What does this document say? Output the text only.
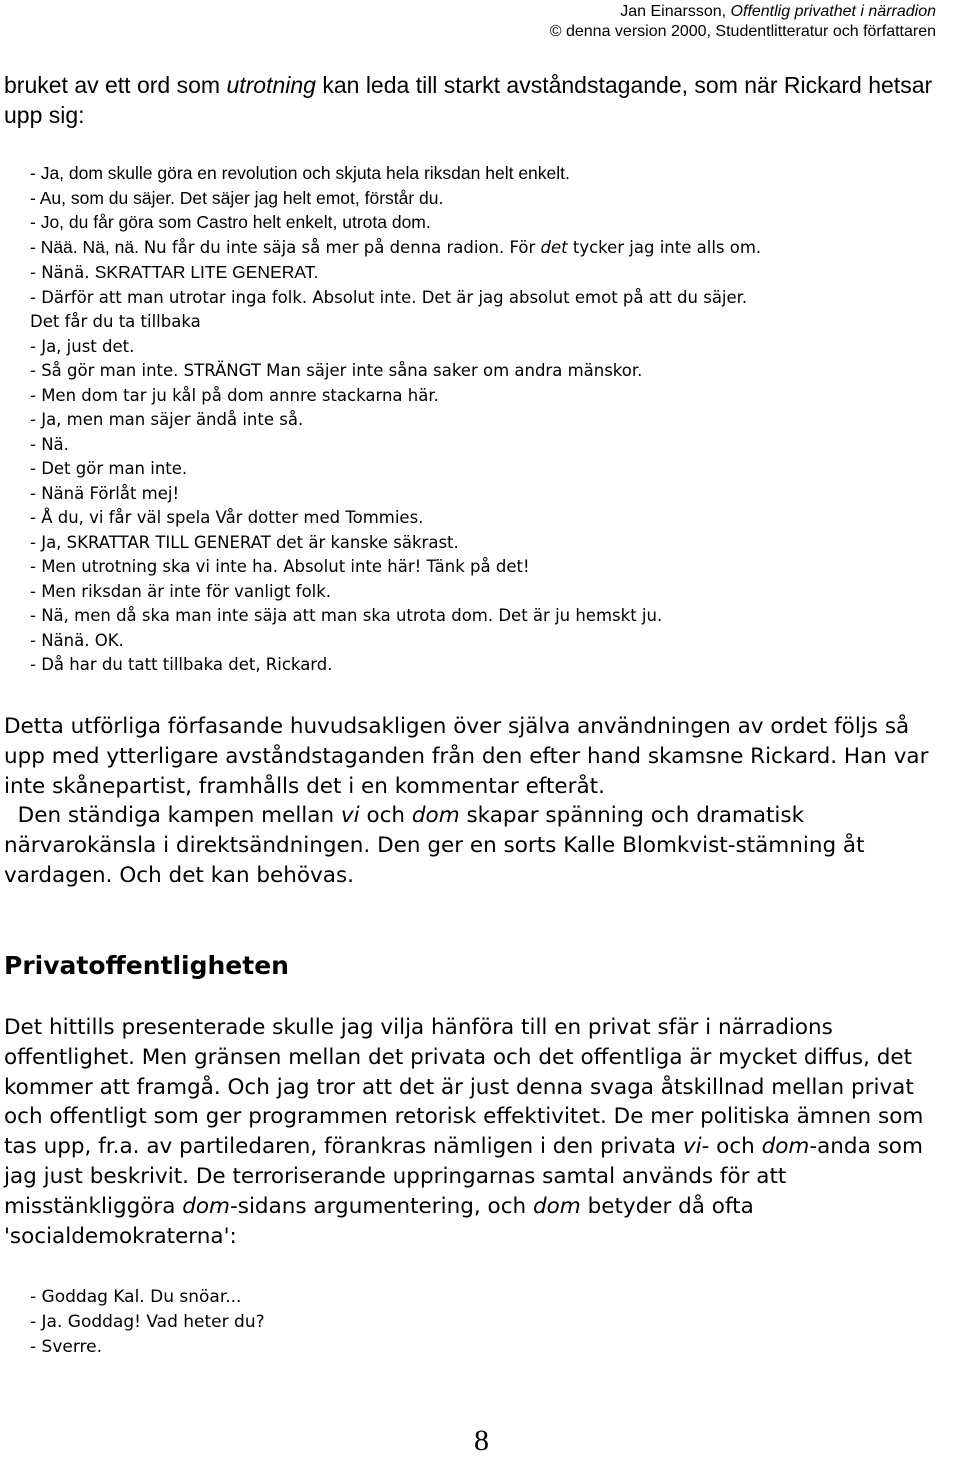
Jan Einarsson, Offentlig privathet i närradion
© denna version 2000, Studentlitteratur och författaren

bruket av ett ord som utrotning kan leda till starkt avståndstagande, som när Rickard hetsar upp sig:

- Ja, dom skulle göra en revolution och skjuta hela riksdan helt enkelt.
- Au, som du säjer. Det säjer jag helt emot, förstår du.
- Jo, du får göra som Castro helt enkelt, utrota dom.
- Nää. Nä, nä. Nu får du inte säja så mer på denna radion. För det tycker jag inte alls om.
- Nänä. SKRATTAR LITE GENERAT.
- Därför att man utrotar inga folk. Absolut inte. Det är jag absolut emot på att du säjer.
Det får du ta tillbaka
- Ja, just det.
- Så gör man inte. STRÄNGT Man säjer inte såna saker om andra mänskor.
- Men dom tar ju kål på dom annre stackarna här.
- Ja, men man säjer ändå inte så.
- Nä.
- Det gör man inte.
- Nänä Förlåt mej!
- Å du, vi får väl spela Vår dotter med Tommies.
- Ja, SKRATTAR TILL GENERAT det är kanske säkrast.
- Men utrotning ska vi inte ha. Absolut inte här! Tänk på det!
- Men riksdan är inte för vanligt folk.
- Nä, men då ska man inte säja att man ska utrota dom. Det är ju hemskt ju.
- Nänä. OK.
- Då har du tatt tillbaka det, Rickard.

Detta utförliga förfasande huvudsakligen över själva användningen av ordet följs så upp med ytterligare avståndstaganden från den efter hand skamsne Rickard. Han var inte skånepartist, framhålls det i en kommentar efteråt.
Den ständiga kampen mellan vi och dom skapar spänning och dramatisk närvarokänsla i direktsändningen. Den ger en sorts Kalle Blomkvist-stämning åt vardagen. Och det kan behövas.

Privatoffentligheten

Det hittills presenterade skulle jag vilja hänföra till en privat sfär i närradions offentlighet. Men gränsen mellan det privata och det offentliga är mycket diffus, det kommer att framgå. Och jag tror att det är just denna svaga åtskillnad mellan privat och offentligt som ger programmen retorisk effektivitet. De mer politiska ämnen som tas upp, fr.a. av partiledaren, förankras nämligen i den privata vi- och dom-anda som jag just beskrivit. De terroriserande uppringarnas samtal används för att misstänkliggöra dom-sidans argumentering, och dom betyder då ofta 'socialdemokraterna':

- Goddag Kal. Du snöar...
- Ja. Goddag! Vad heter du?
- Sverre.
8
